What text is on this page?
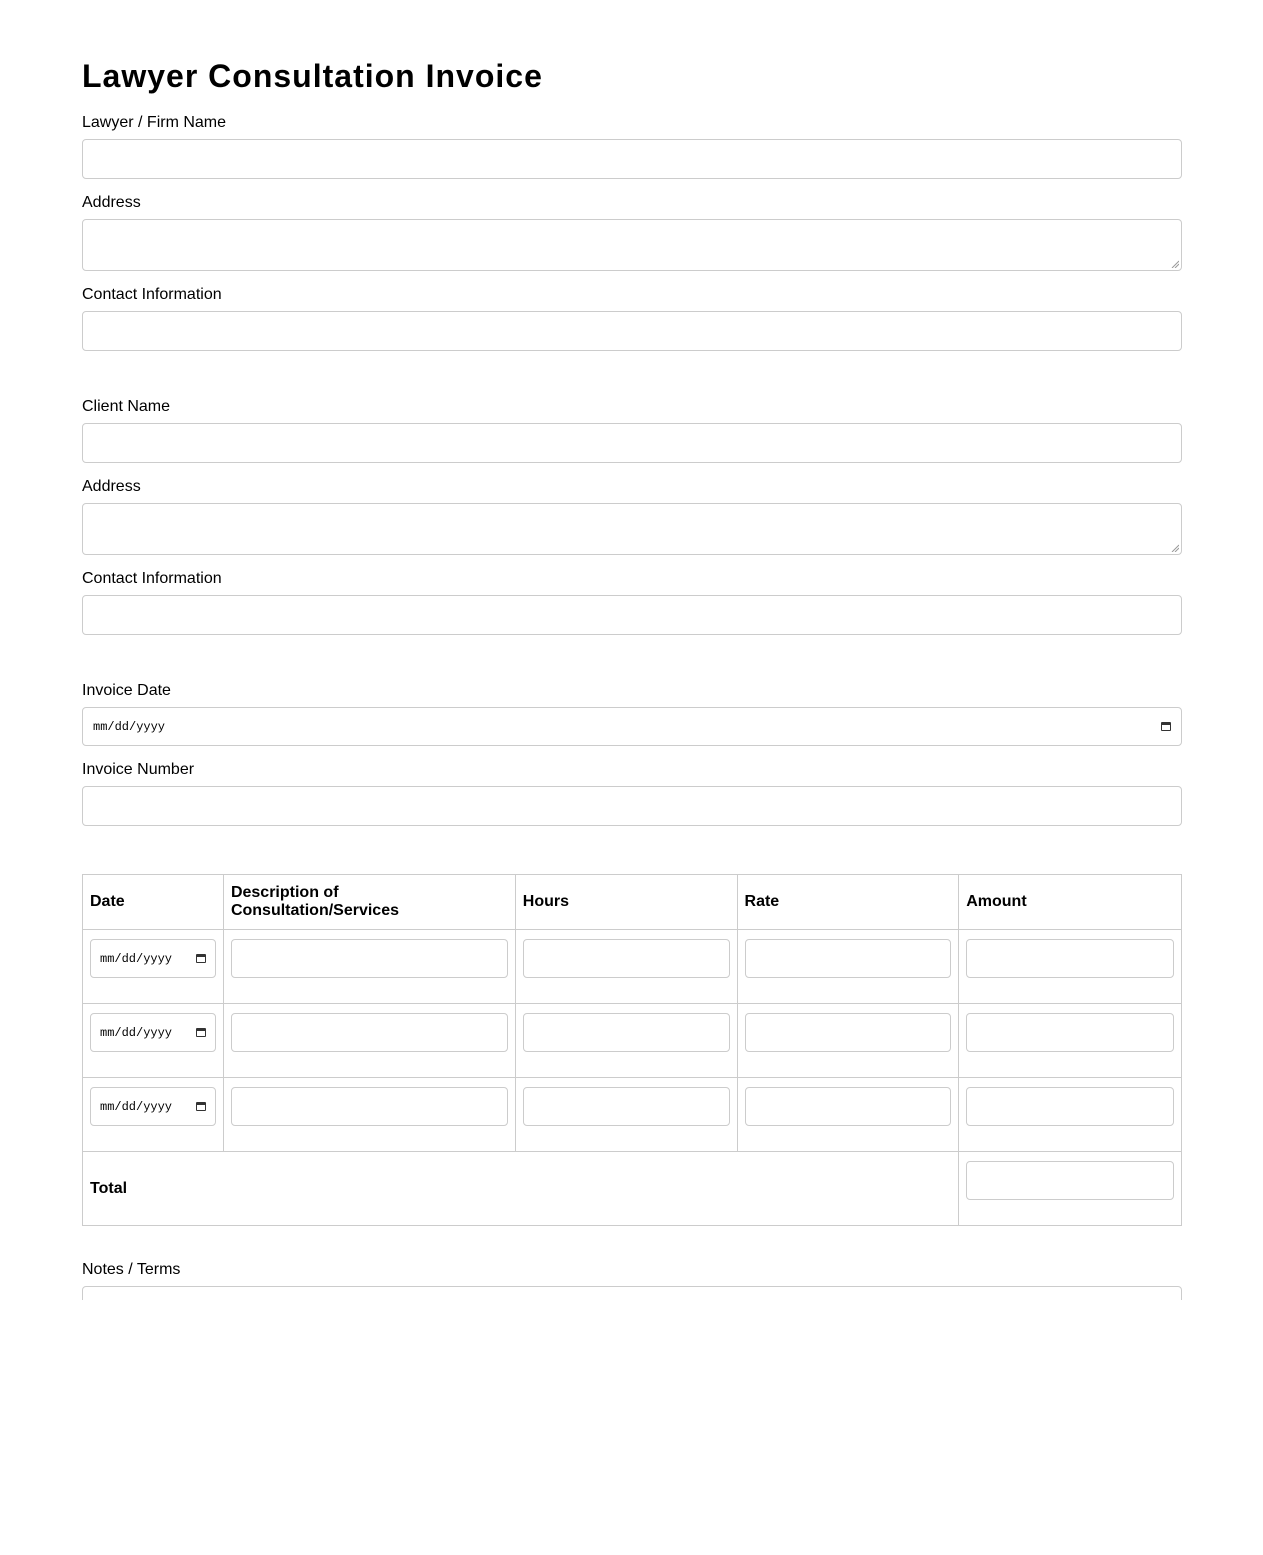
Lawyer Consultation Invoice
Lawyer / Firm Name
Address
Contact Information
Client Name
Address
Contact Information
Invoice Date
mm/dd/yyyy
Invoice Number
Date	Description of Consultation/Services	Hours	Rate	Amount

mm/dd/yyyy				

mm/dd/yyyy				

mm/dd/yyyy				

Total				
Notes / Terms
